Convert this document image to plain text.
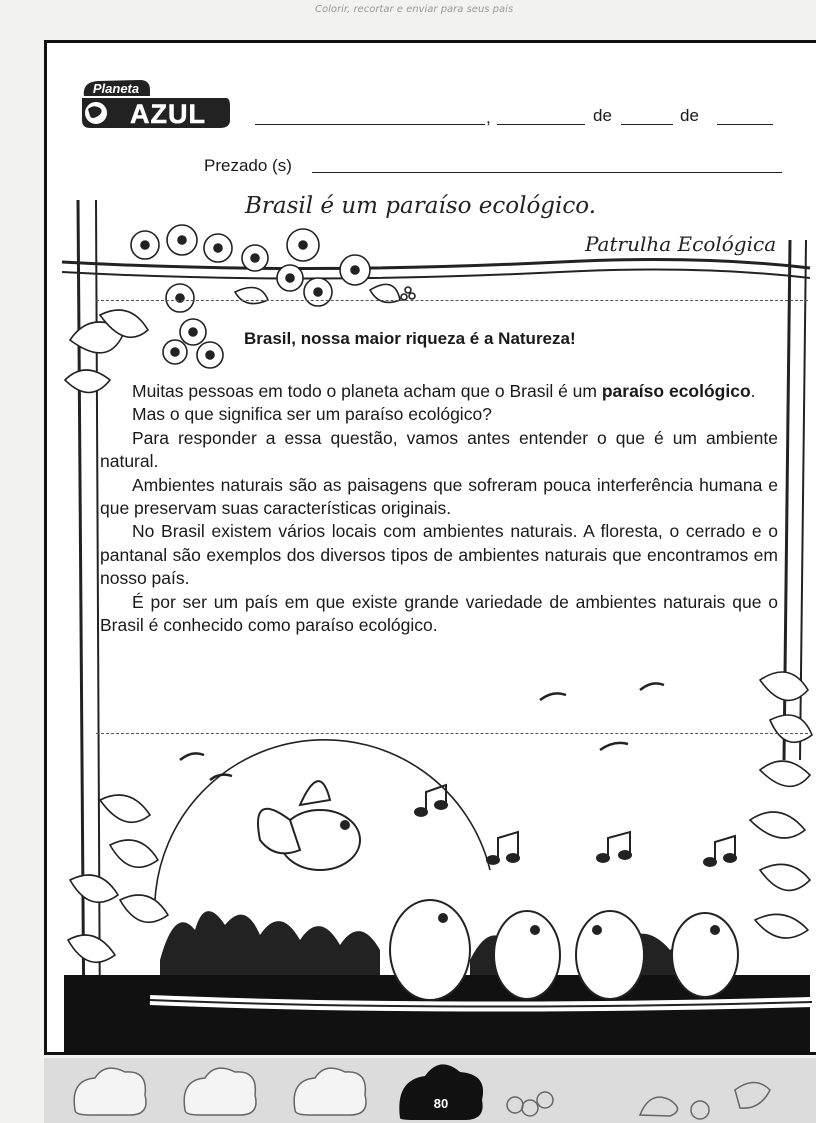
Colorir, recortar e enviar para seus pais
Planeta
AZUL	,	de	de
Prezado (s)
Brasil é um paraíso ecológico.
Patrulha Ecológica
Brasil, nossa maior riqueza é a Natureza!

Muitas pessoas em todo o planeta acham que o Brasil é um paraíso ecológico.

Mas o que significa ser um paraíso ecológico?

Para responder a essa questão, vamos antes entender o que é um ambiente natural.

Ambientes naturais são as paisagens que sofreram pouca interferência humana e que preservam suas características originais.

No Brasil existem vários locais com ambientes naturais. A floresta, o cerrado e o pantanal são exemplos dos diversos tipos de ambientes naturais que encontramos em nosso país.

É por ser um país em que existe grande variedade de ambientes naturais que o Brasil é conhecido como paraíso ecológico.

80
